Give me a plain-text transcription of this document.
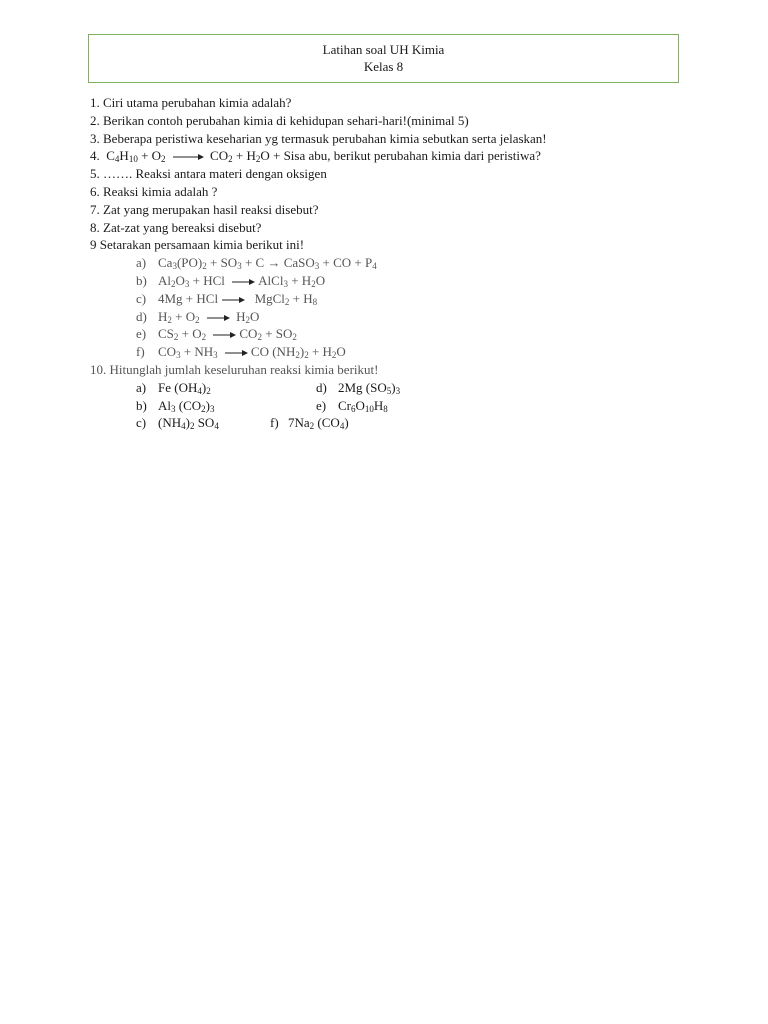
Latihan soal UH Kimia
Kelas 8
1. Ciri utama perubahan kimia adalah?
2. Berikan contoh perubahan kimia di kehidupan sehari-hari!(minimal 5)
3. Beberapa peristiwa keseharian yg termasuk perubahan kimia sebutkan serta jelaskan!
4.  $C_4H_{10} + O_2$	$CO_2 + H_2O$ + Sisa abu, berikut perubahan kimia dari peristiwa?
5. ……. Reaksi antara materi dengan oksigen
6. Reaksi kimia adalah ?
7. Zat yang merupakan hasil reaksi disebut?
8. Zat-zat yang bereaksi disebut?
9 Setarakan persamaan kimia berikut ini!
a) $Ca_3(PO)_2 + SO_3 + C$ → CaSO$_3$ + CO + $P_4$
b) $Al_2O_3$ + HCl AlCl$_3$ + $H_2O$
c) 4Mg + HCl  MgCl$_2$ + $H_8$
d) $H_2 + O_2$	$H_2O$
e) $CS_2 + O_2$	$CO_2 + SO_2$
f) $CO_3 + NH_3$	CO $(NH_2)_2 + H_2O$
10. Hitunglah jumlah keseluruhan reaksi kimia berikut!
a) Fe $(OH_4)_2$	d) 2Mg $(SO_5)_3$
b) $Al_3$ $(CO_2)_3$	e) $Cr_6O_{10}H_8$
c) $(NH_4)_2$ $SO_4$	f) $7Na_2$ $(CO_4)$
